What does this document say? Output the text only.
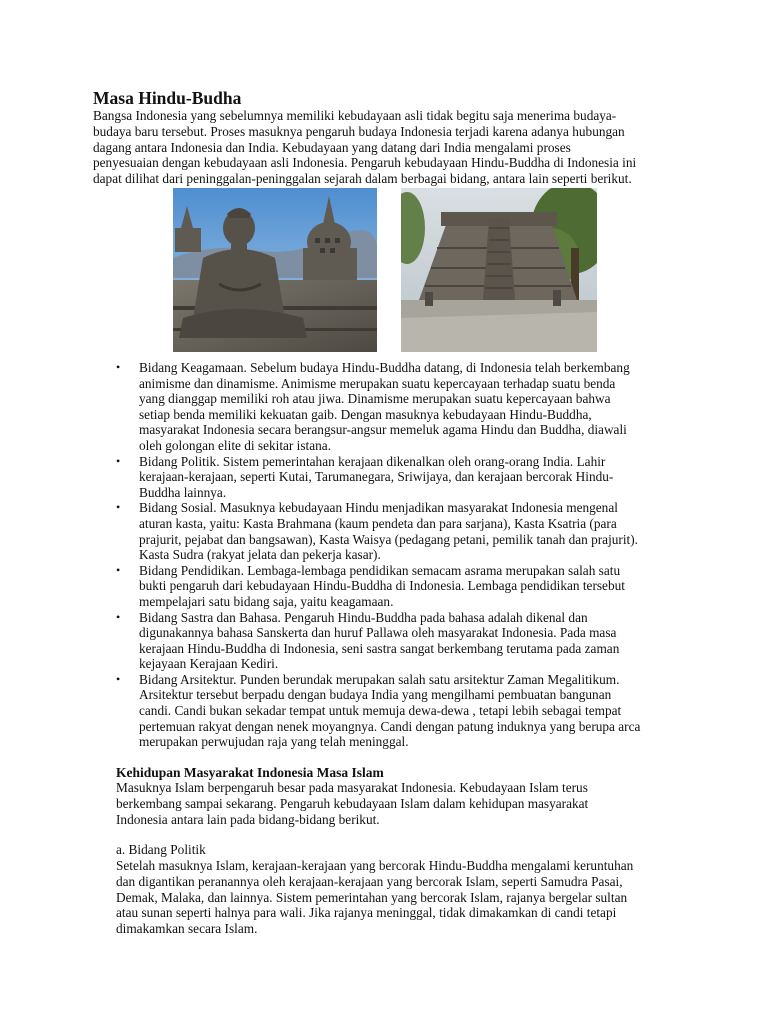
Masa Hindu-Budha
Bangsa Indonesia yang sebelumnya memiliki kebudayaan asli tidak begitu saja menerima budaya-
budaya baru tersebut. Proses masuknya pengaruh budaya Indonesia terjadi karena adanya hubungan
dagang antara Indonesia dan India. Kebudayaan yang datang dari India mengalami proses
penyesuaian dengan kebudayaan asli Indonesia. Pengaruh kebudayaan Hindu-Buddha di Indonesia ini
dapat dilihat dari peninggalan-peninggalan sejarah dalam berbagai bidang, antara lain seperti berikut.
• Bidang Keagamaan. Sebelum budaya Hindu-Buddha datang, di Indonesia telah berkembang
animisme dan dinamisme. Animisme merupakan suatu kepercayaan terhadap suatu benda
yang dianggap memiliki roh atau jiwa. Dinamisme merupakan suatu kepercayaan bahwa
setiap benda memiliki kekuatan gaib. Dengan masuknya kebudayaan Hindu-Buddha,
masyarakat Indonesia secara berangsur-angsur memeluk agama Hindu dan Buddha, diawali
oleh golongan elite di sekitar istana.
• Bidang Politik. Sistem pemerintahan kerajaan dikenalkan oleh orang-orang India. Lahir
kerajaan-kerajaan, seperti Kutai, Tarumanegara, Sriwijaya, dan kerajaan bercorak Hindu-
Buddha lainnya.
• Bidang Sosial. Masuknya kebudayaan Hindu menjadikan masyarakat Indonesia mengenal
aturan kasta, yaitu: Kasta Brahmana (kaum pendeta dan para sarjana), Kasta Ksatria (para
prajurit, pejabat dan bangsawan), Kasta Waisya (pedagang petani, pemilik tanah dan prajurit).
Kasta Sudra (rakyat jelata dan pekerja kasar).
• Bidang Pendidikan. Lembaga-lembaga pendidikan semacam asrama merupakan salah satu
bukti pengaruh dari kebudayaan Hindu-Buddha di Indonesia. Lembaga pendidikan tersebut
mempelajari satu bidang saja, yaitu keagamaan.
• Bidang Sastra dan Bahasa. Pengaruh Hindu-Buddha pada bahasa adalah dikenal dan
digunakannya bahasa Sanskerta dan huruf Pallawa oleh masyarakat Indonesia. Pada masa
kerajaan Hindu-Buddha di Indonesia, seni sastra sangat berkembang terutama pada zaman
kejayaan Kerajaan Kediri.
• Bidang Arsitektur. Punden berundak merupakan salah satu arsitektur Zaman Megalitikum.
Arsitektur tersebut berpadu dengan budaya India yang mengilhami pembuatan bangunan
candi. Candi bukan sekadar tempat untuk memuja dewa-dewa , tetapi lebih sebagai tempat
pertemuan rakyat dengan nenek moyangnya. Candi dengan patung induknya yang berupa arca
merupakan perwujudan raja yang telah meninggal.
Kehidupan Masyarakat Indonesia Masa Islam
Masuknya Islam berpengaruh besar pada masyarakat Indonesia. Kebudayaan Islam terus
berkembang sampai sekarang. Pengaruh kebudayaan Islam dalam kehidupan masyarakat
Indonesia antara lain pada bidang-bidang berikut.

a. Bidang Politik

Setelah masuknya Islam, kerajaan-kerajaan yang bercorak Hindu-Buddha mengalami keruntuhan
dan digantikan peranannya oleh kerajaan-kerajaan yang bercorak Islam, seperti Samudra Pasai,
Demak, Malaka, dan lainnya. Sistem pemerintahan yang bercorak Islam, rajanya bergelar sultan
atau sunan seperti halnya para wali. Jika rajanya meninggal, tidak dimakamkan di candi tetapi
dimakamkan secara Islam.
